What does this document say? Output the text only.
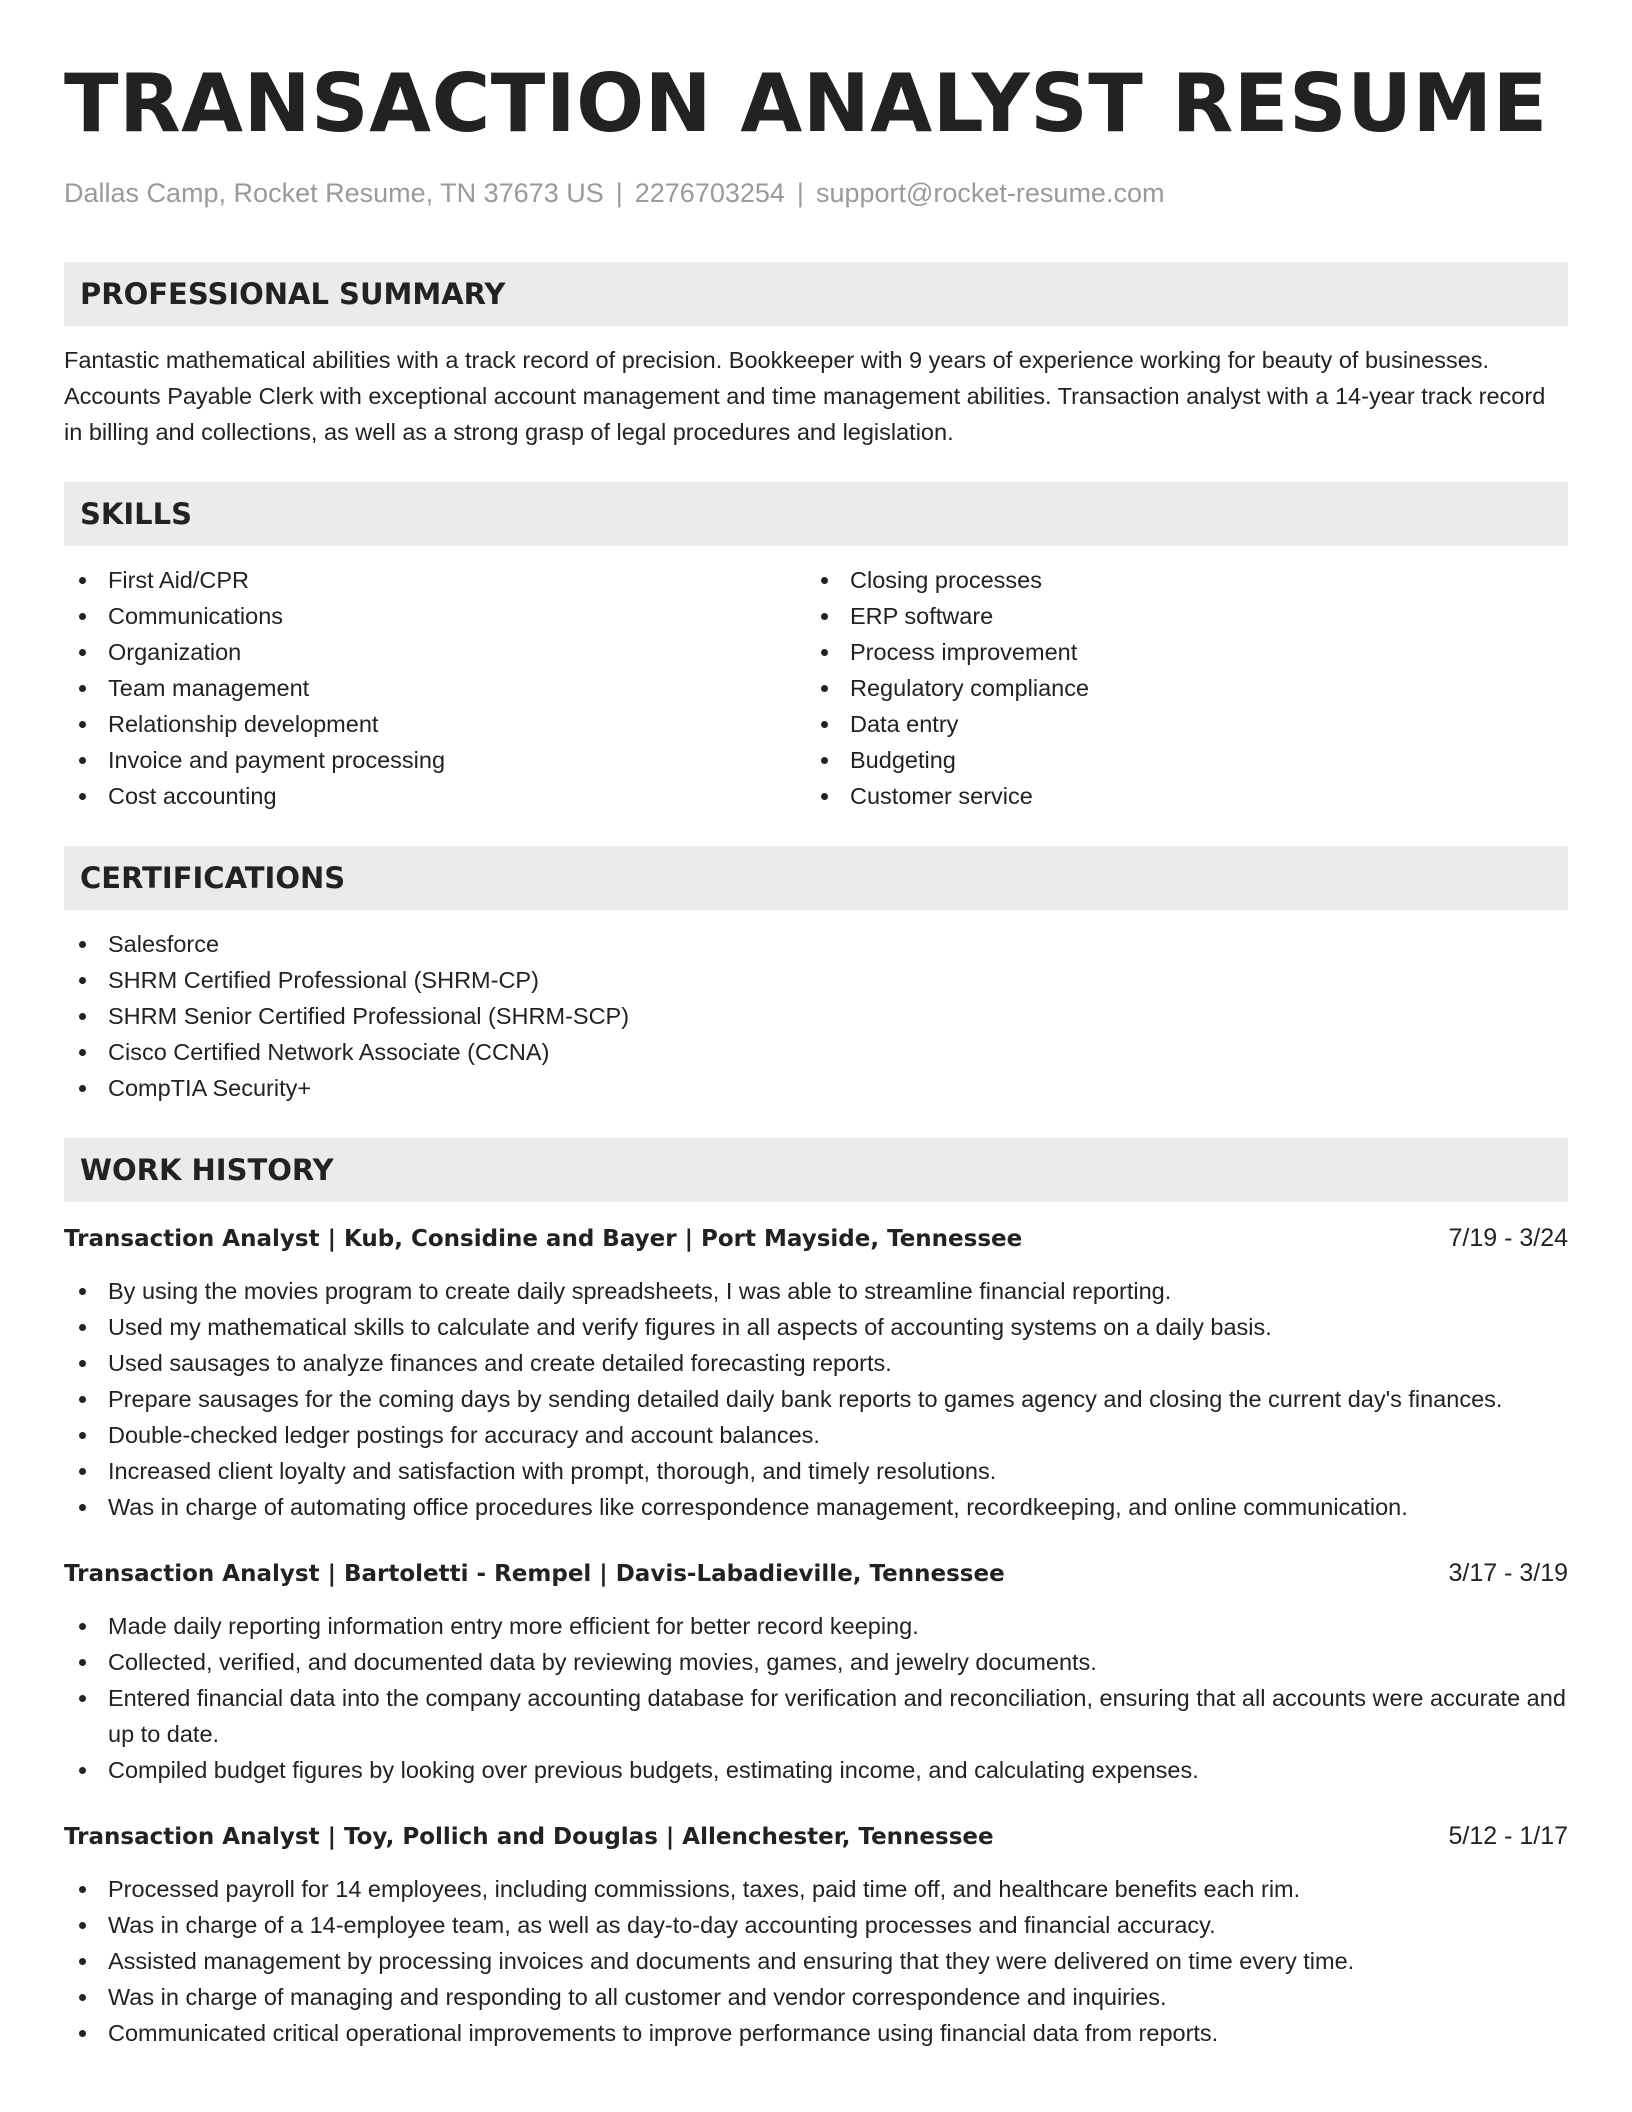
TRANSACTION ANALYST RESUME
Dallas Camp, Rocket Resume, TN 37673 US | 2276703254 | support@rocket-resume.com
PROFESSIONAL SUMMARY

Fantastic mathematical abilities with a track record of precision. Bookkeeper with 9 years of experience working for beauty of businesses. Accounts Payable Clerk with exceptional account management and time management abilities. Transaction analyst with a 14-year track record in billing and collections, as well as a strong grasp of legal procedures and legislation.

SKILLS
First Aid/CPR
Communications
Organization
Team management
Relationship development
Invoice and payment processing
Cost accounting
Closing processes
ERP software
Process improvement
Regulatory compliance
Data entry
Budgeting
Customer service
CERTIFICATIONS
Salesforce
SHRM Certified Professional (SHRM-CP)
SHRM Senior Certified Professional (SHRM-SCP)
Cisco Certified Network Associate (CCNA)
CompTIA Security+
WORK HISTORY
Transaction Analyst | Kub, Considine and Bayer | Port Mayside, Tennessee	7/19 - 3/24
By using the movies program to create daily spreadsheets, I was able to streamline financial reporting.
Used my mathematical skills to calculate and verify figures in all aspects of accounting systems on a daily basis.
Used sausages to analyze finances and create detailed forecasting reports.
Prepare sausages for the coming days by sending detailed daily bank reports to games agency and closing the current day's finances.
Double-checked ledger postings for accuracy and account balances.
Increased client loyalty and satisfaction with prompt, thorough, and timely resolutions.
Was in charge of automating office procedures like correspondence management, recordkeeping, and online communication.
Transaction Analyst | Bartoletti - Rempel | Davis-Labadieville, Tennessee	3/17 - 3/19
Made daily reporting information entry more efficient for better record keeping.
Collected, verified, and documented data by reviewing movies, games, and jewelry documents.
Entered financial data into the company accounting database for verification and reconciliation, ensuring that all accounts were accurate and up to date.
Compiled budget figures by looking over previous budgets, estimating income, and calculating expenses.
Transaction Analyst | Toy, Pollich and Douglas | Allenchester, Tennessee	5/12 - 1/17
Processed payroll for 14 employees, including commissions, taxes, paid time off, and healthcare benefits each rim.
Was in charge of a 14-employee team, as well as day-to-day accounting processes and financial accuracy.
Assisted management by processing invoices and documents and ensuring that they were delivered on time every time.
Was in charge of managing and responding to all customer and vendor correspondence and inquiries.
Communicated critical operational improvements to improve performance using financial data from reports.
